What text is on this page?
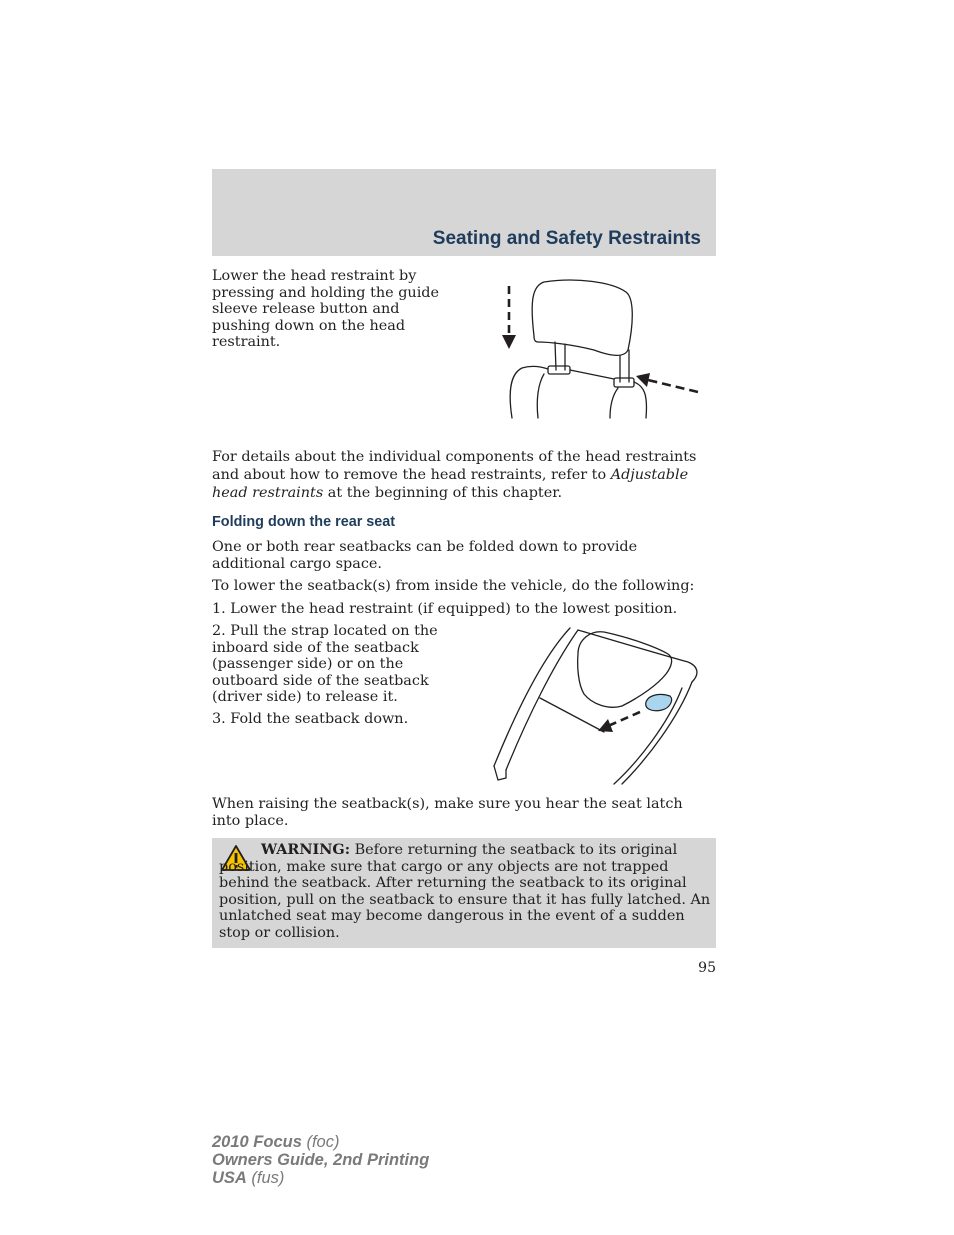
Seating and Safety Restraints

Lower the head restraint by pressing and holding the guide sleeve release button and pushing down on the head restraint.

For details about the individual components of the head restraints and about how to remove the head restraints, refer to Adjustable head restraints at the beginning of this chapter.

Folding down the rear seat

One or both rear seatbacks can be folded down to provide additional cargo space.

To lower the seatback(s) from inside the vehicle, do the following:

1. Lower the head restraint (if equipped) to the lowest position.

2. Pull the strap located on the inboard side of the seatback (passenger side) or on the outboard side of the seatback (driver side) to release it.

3. Fold the seatback down.

When raising the seatback(s), make sure you hear the seat latch into place.

WARNING: Before returning the seatback to its original position, make sure that cargo or any objects are not trapped behind the seatback. After returning the seatback to its original position, pull on the seatback to ensure that it has fully latched. An unlatched seat may become dangerous in the event of a sudden stop or collision.

95

2010 Focus (foc)
Owners Guide, 2nd Printing
USA (fus)
